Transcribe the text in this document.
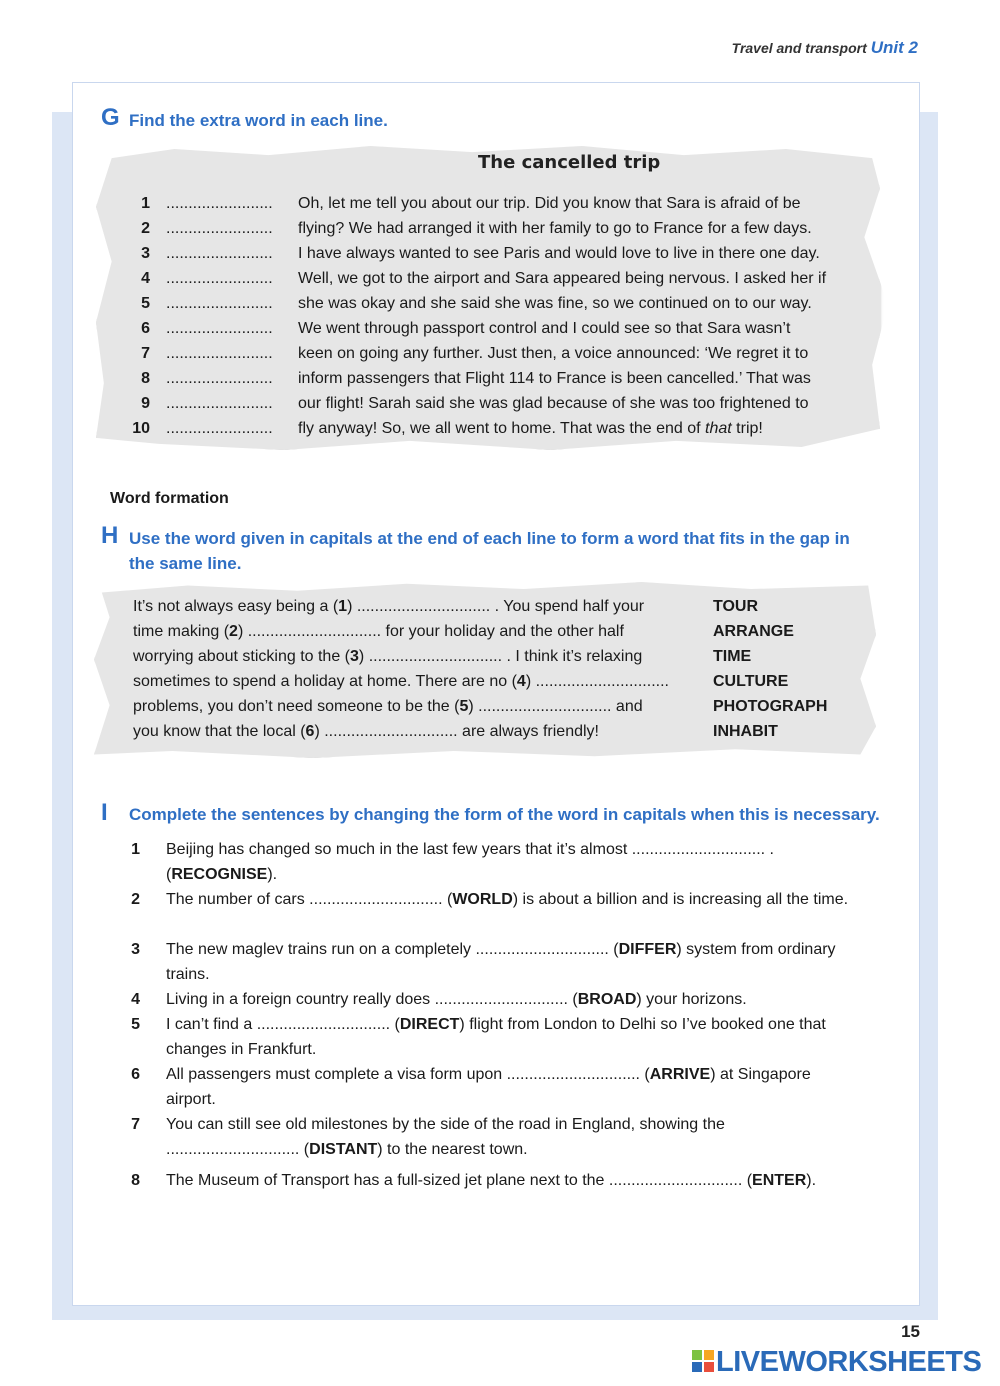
Travel and transport Unit 2
G Find the extra word in each line.
The cancelled trip
1 ........................ Oh, let me tell you about our trip. Did you know that Sara is afraid of be
2 ........................ flying? We had arranged it with her family to go to France for a few days.
3 ........................ I have always wanted to see Paris and would love to live in there one day.
4 ........................ Well, we got to the airport and Sara appeared being nervous. I asked her if
5 ........................ she was okay and she said she was fine, so we continued on to our way.
6 ........................ We went through passport control and I could see so that Sara wasn’t
7 ........................ keen on going any further. Just then, a voice announced: ‘We regret it to
8 ........................ inform passengers that Flight 114 to France is been cancelled.’ That was
9 ........................ our flight! Sarah said she was glad because of she was too frightened to
10 ........................ fly anyway! So, we all went to home. That was the end of that trip!
Word formation
H Use the word given in capitals at the end of each line to form a word that fits in the gap in the same line.
It’s not always easy being a (1) .............................. . You spend half your
time making (2) .............................. for your holiday and the other half
worrying about sticking to the (3) .............................. . I think it’s relaxing
sometimes to spend a holiday at home. There are no (4) ..............................
problems, you don’t need someone to be the (5) .............................. and
you know that the local (6) .............................. are always friendly!
TOUR
ARRANGE
TIME
CULTURE
PHOTOGRAPH
INHABIT
I Complete the sentences by changing the form of the word in capitals when this is necessary.
1 Beijing has changed so much in the last few years that it’s almost .............................. .
(RECOGNISE).
2 The number of cars .............................. (WORLD) is about a billion and is increasing all the time.
3 The new maglev trains run on a completely .............................. (DIFFER) system from ordinary trains.
4 Living in a foreign country really does .............................. (BROAD) your horizons.
5 I can’t find a .............................. (DIRECT) flight from London to Delhi so I’ve booked one that changes in Frankfurt.
6 All passengers must complete a visa form upon .............................. (ARRIVE) at Singapore airport.
7 You can still see old milestones by the side of the road in England, showing the .............................. (DISTANT) to the nearest town.
8 The Museum of Transport has a full-sized jet plane next to the .............................. (ENTER).
15
LIVEWORKSHEETS
